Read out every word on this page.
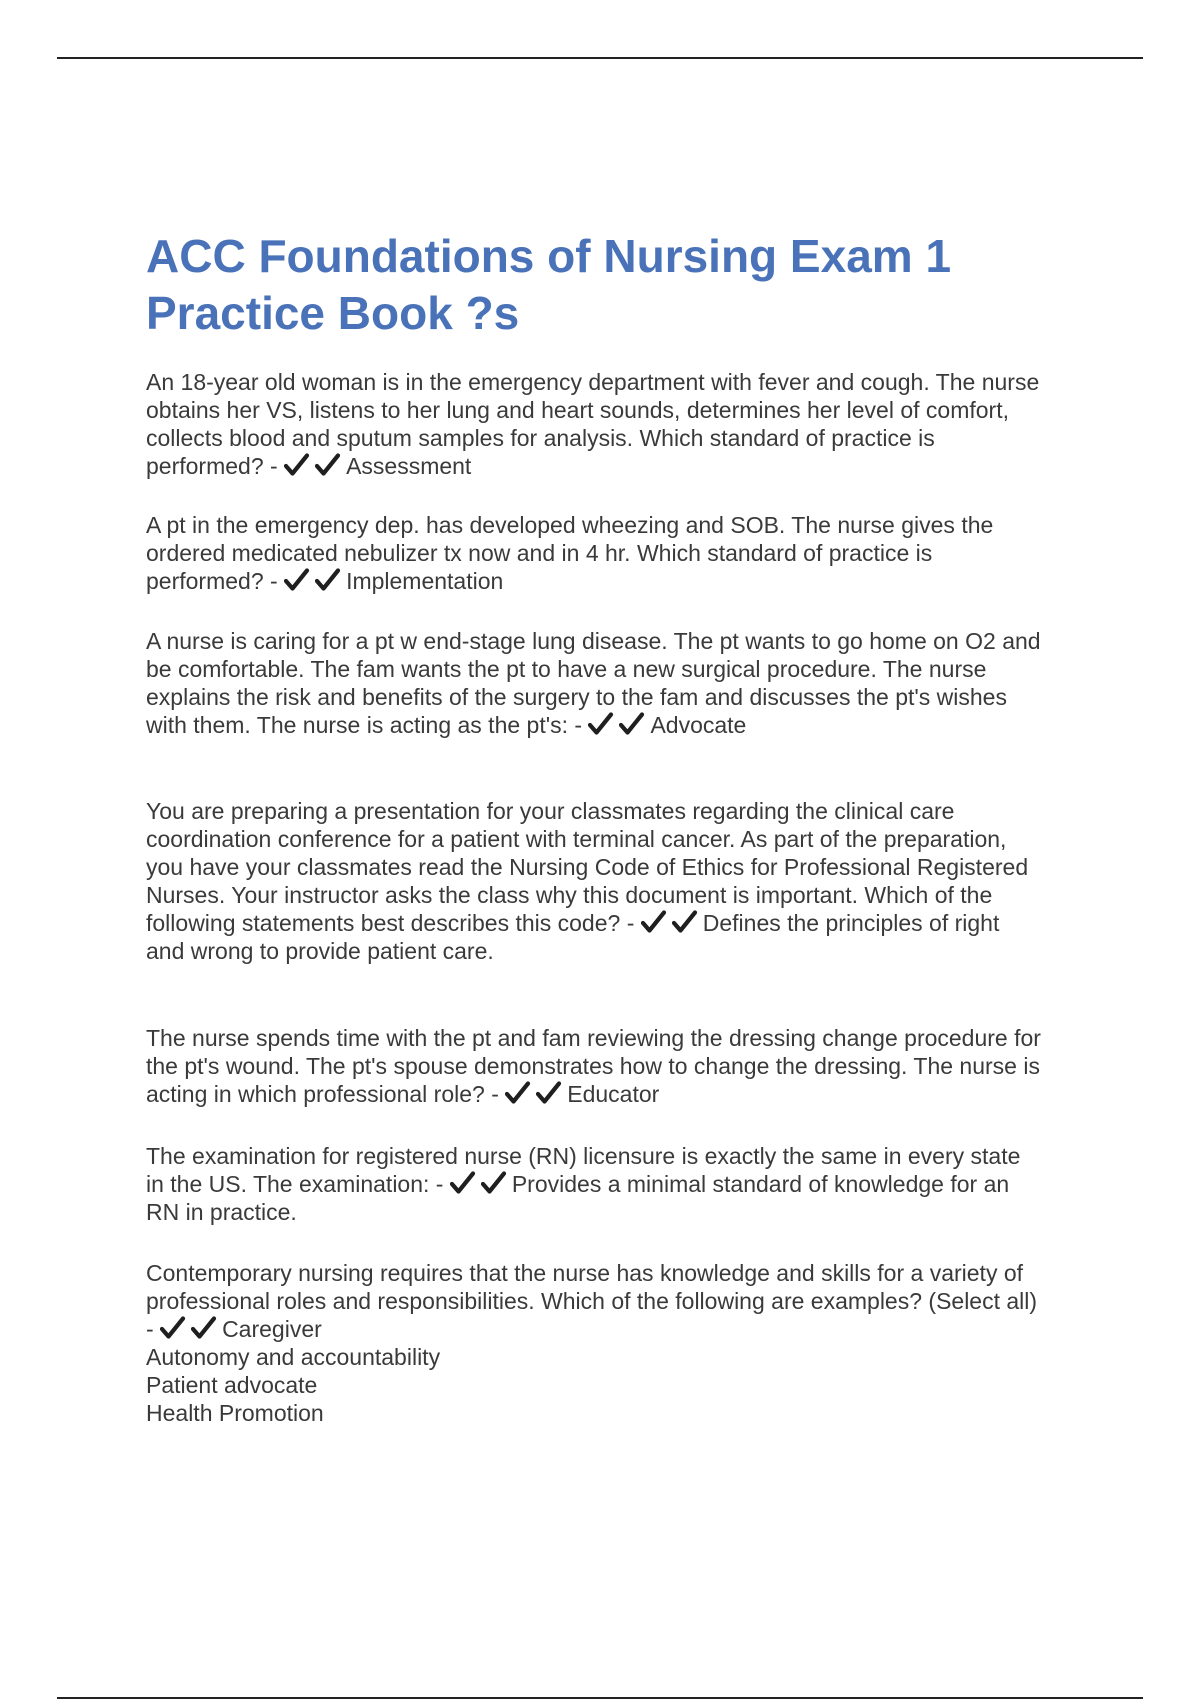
ACC Foundations of Nursing Exam 1
Practice Book ?s
An 18-year old woman is in the emergency department with fever and cough. The nurse
obtains her VS, listens to her lung and heart sounds, determines her level of comfort,
collects blood and sputum samples for analysis. Which standard of practice is
performed? -	Assessment
A pt in the emergency dep. has developed wheezing and SOB. The nurse gives the
ordered medicated nebulizer tx now and in 4 hr. Which standard of practice is
performed? -	Implementation
A nurse is caring for a pt w end-stage lung disease. The pt wants to go home on O2 and
be comfortable. The fam wants the pt to have a new surgical procedure. The nurse
explains the risk and benefits of the surgery to the fam and discusses the pt's wishes
with them. The nurse is acting as the pt's: -	Advocate
You are preparing a presentation for your classmates regarding the clinical care
coordination conference for a patient with terminal cancer. As part of the preparation,
you have your classmates read the Nursing Code of Ethics for Professional Registered
Nurses. Your instructor asks the class why this document is important. Which of the
following statements best describes this code? -	Defines the principles of right
and wrong to provide patient care.
The nurse spends time with the pt and fam reviewing the dressing change procedure for
the pt's wound. The pt's spouse demonstrates how to change the dressing. The nurse is
acting in which professional role? -	Educator
The examination for registered nurse (RN) licensure is exactly the same in every state
in the US. The examination: -	Provides a minimal standard of knowledge for an
RN in practice.
Contemporary nursing requires that the nurse has knowledge and skills for a variety of
professional roles and responsibilities. Which of the following are examples? (Select all)
-	Caregiver
Autonomy and accountability
Patient advocate
Health Promotion
